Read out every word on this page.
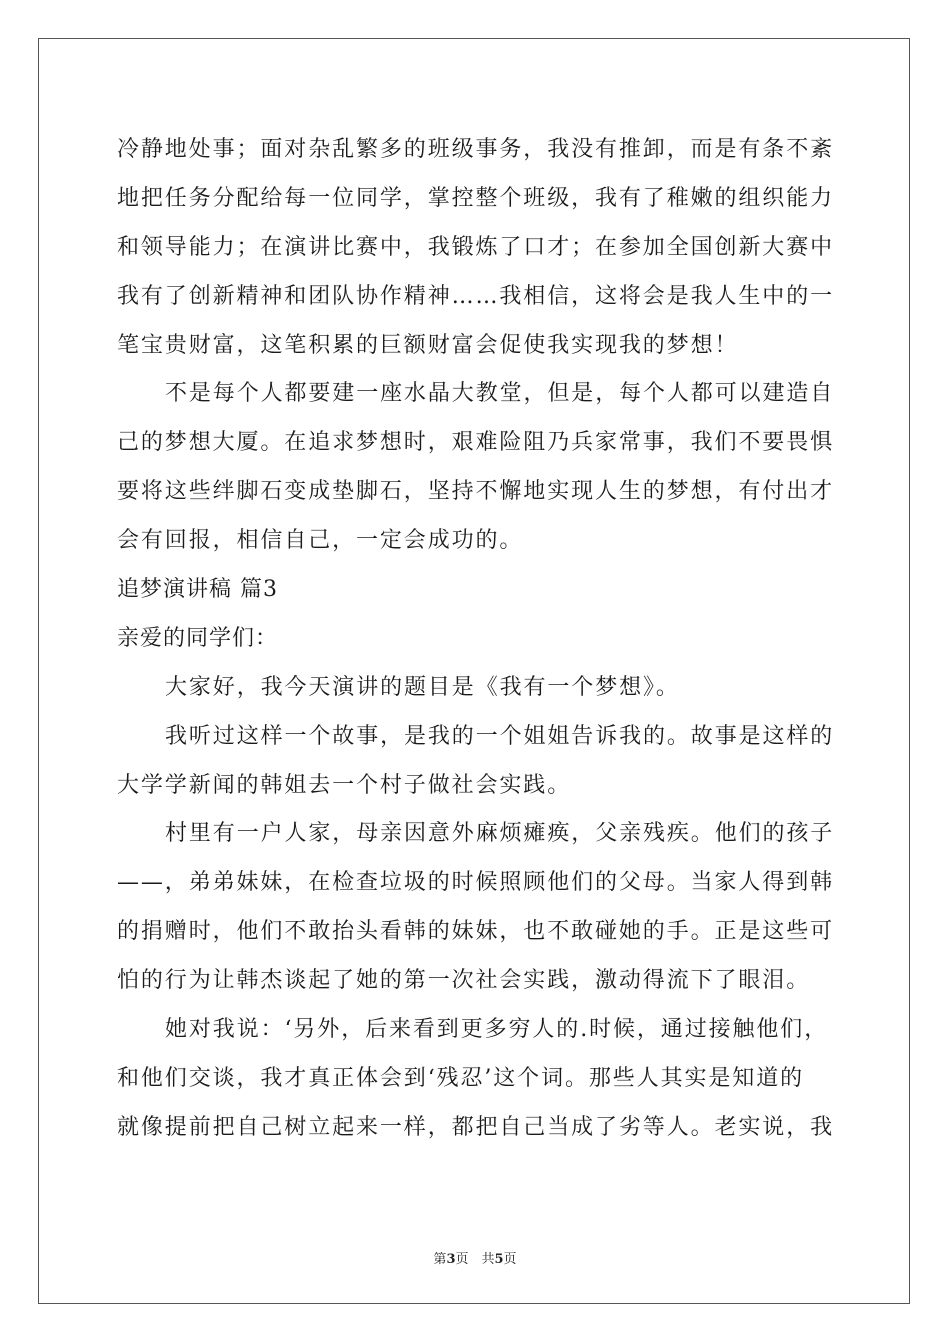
冷静地处事；面对杂乱繁多的班级事务，我没有推卸，而是有条不紊
地把任务分配给每一位同学，掌控整个班级，我有了稚嫩的组织能力
和领导能力；在演讲比赛中，我锻炼了口才；在参加全国创新大赛中
我有了创新精神和团队协作精神……我相信，这将会是我人生中的一
笔宝贵财富，这笔积累的巨额财富会促使我实现我的梦想！
不是每个人都要建一座水晶大教堂，但是，每个人都可以建造自
己的梦想大厦。在追求梦想时，艰难险阻乃兵家常事，我们不要畏惧
要将这些绊脚石变成垫脚石，坚持不懈地实现人生的梦想，有付出才
会有回报，相信自己，一定会成功的。
追梦演讲稿 篇3
亲爱的同学们：
大家好，我今天演讲的题目是《我有一个梦想》。
我听过这样一个故事，是我的一个姐姐告诉我的。故事是这样的
大学学新闻的韩姐去一个村子做社会实践。
村里有一户人家，母亲因意外麻烦瘫痪，父亲残疾。他们的孩子
——，弟弟妹妹，在检查垃圾的时候照顾他们的父母。当家人得到韩
的捐赠时，他们不敢抬头看韩的妹妹，也不敢碰她的手。正是这些可
怕的行为让韩杰谈起了她的第一次社会实践，激动得流下了眼泪。
她对我说：‘另外，后来看到更多穷人的.时候，通过接触他们，
和他们交谈，我才真正体会到‘残忍’这个词。那些人其实是知道的
就像提前把自己树立起来一样，都把自己当成了劣等人。老实说，我
第3页　共5页
